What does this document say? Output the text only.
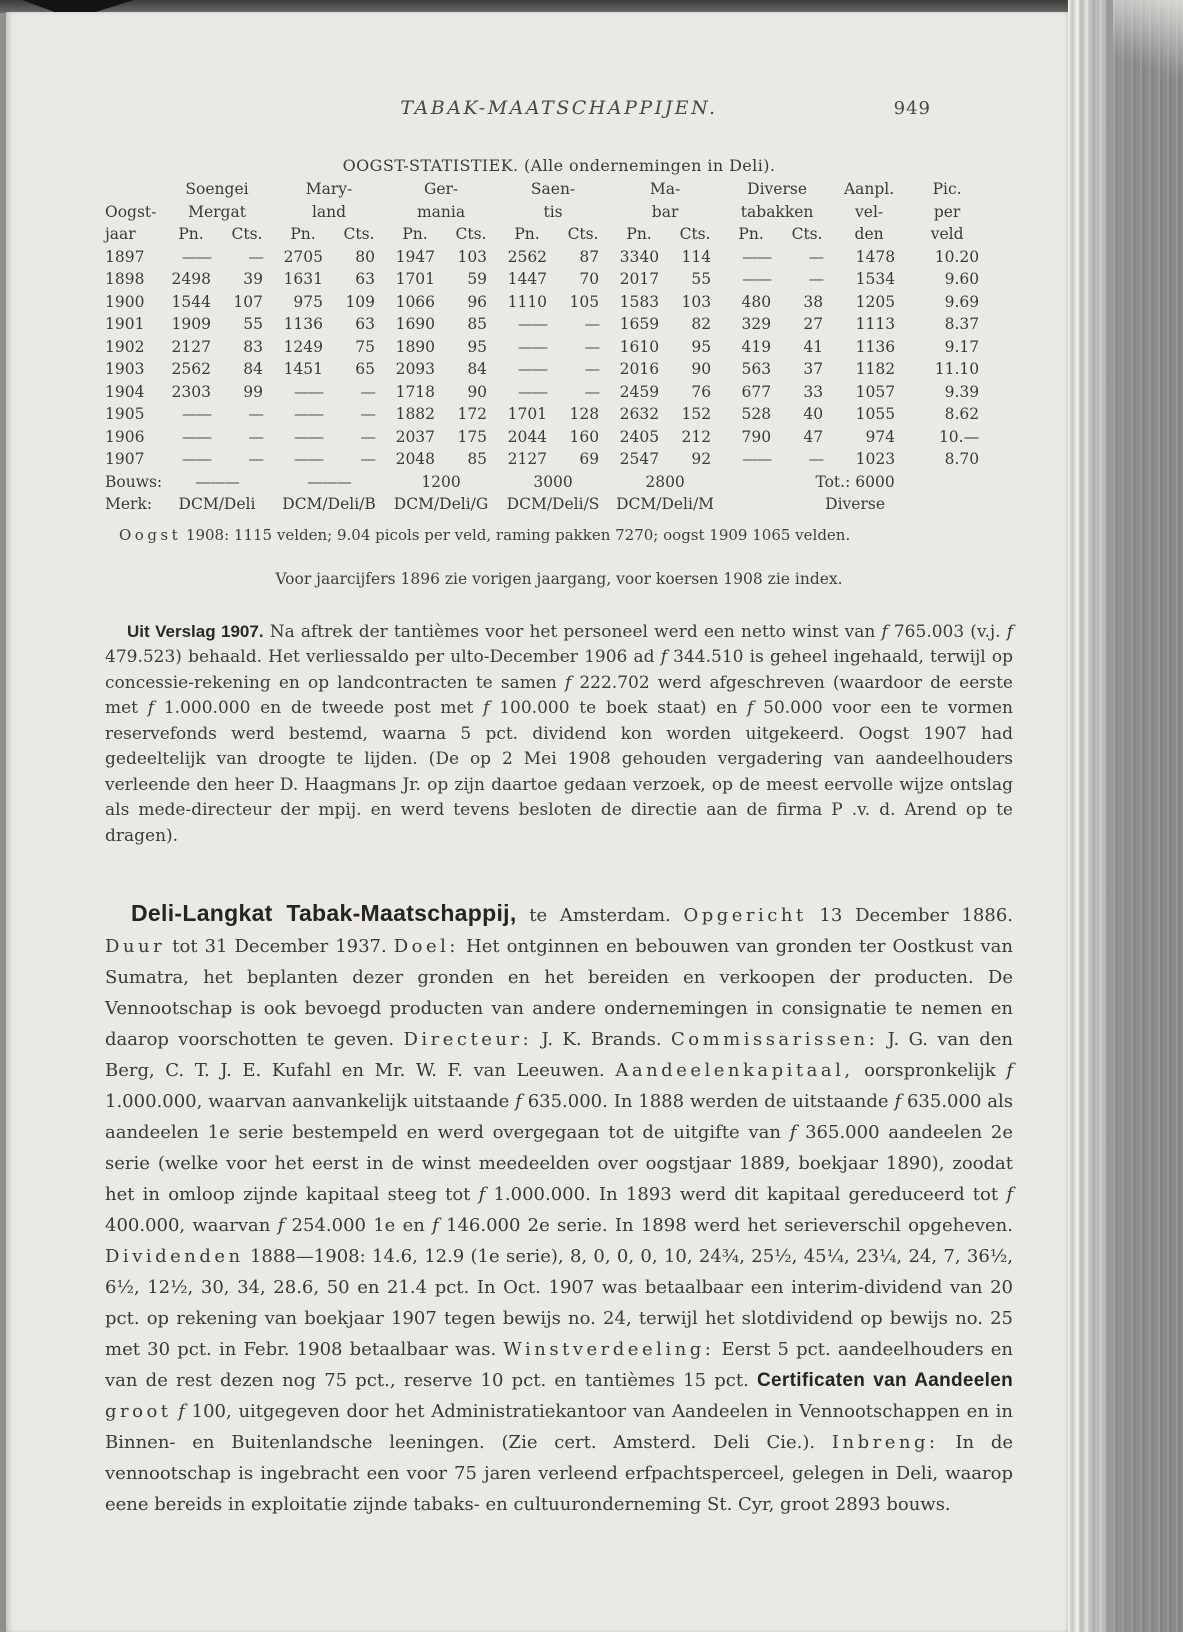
TABAK-MAATSCHAPPIJEN.	949
OOGST-STATISTIEK. (Alle ondernemingen in Deli).
	Soengei		Mary-		Ger-		Saen-		Ma-		Diverse		Aanpl.	Pic.
Oogst-	Mergat		land		mania		tis		bar		tabakken		vel-	per
jaar	Pn.	Cts.	Pn.	Cts.	Pn.	Cts.	Pn.	Cts.	Pn.	Cts.	Pn.	Cts.	den	veld
1897	——	—	2705	80	1947	103	2562	87	3340	114	——	—	1478	10.20
1898	2498	39	1631	63	1701	59	1447	70	2017	55	——	—	1534	9.60
1900	1544	107	975	109	1066	96	1110	105	1583	103	480	38	1205	9.69
1901	1909	55	1136	63	1690	85	——	—	1659	82	329	27	1113	8.37
1902	2127	83	1249	75	1890	95	——	—	1610	95	419	41	1136	9.17
1903	2562	84	1451	65	2093	84	——	—	2016	90	563	37	1182	11.10
1904	2303	99	——	—	1718	90	——	—	2459	76	677	33	1057	9.39
1905	——	—	——	—	1882	172	1701	128	2632	152	528	40	1055	8.62
1906	——	—	——	—	2037	175	2044	160	2405	212	790	47	974	10.—
1907	——	—	——	—	2048	85	2127	69	2547	92	——	—	1023	8.70
Bouws:	———		———		1200		3000		2800		Tot.: 6000			
Merk:	DCM/Deli		DCM/Deli/B		DCM/Deli/G		DCM/Deli/S		DCM/Deli/M		Diverse			

Oogst 1908: 1115 velden; 9.04 picols per veld, raming pakken 7270; oogst 1909 1065 velden.

Voor jaarcijfers 1896 zie vorigen jaargang, voor koersen 1908 zie index.

Uit Verslag 1907. Na aftrek der tantièmes voor het personeel werd een netto winst van f 765.003 (v.j. f 479.523) behaald. Het verliessaldo per ulto-December 1906 ad f 344.510 is geheel ingehaald, terwijl op concessie-rekening en op landcontracten te samen f 222.702 werd afgeschreven (waardoor de eerste met f 1.000.000 en de tweede post met f 100.000 te boek staat) en f 50.000 voor een te vormen reservefonds werd bestemd, waarna 5 pct. dividend kon worden uitgekeerd. Oogst 1907 had gedeeltelijk van droogte te lijden. (De op 2 Mei 1908 gehouden vergadering van aandeelhouders verleende den heer D. Haagmans Jr. op zijn daartoe gedaan verzoek, op de meest eervolle wijze ontslag als mede-directeur der mpij. en werd tevens besloten de directie aan de firma P .v. d. Arend op te dragen).

Deli-Langkat Tabak-Maatschappij, te Amsterdam. Opgericht 13 December 1886. Duur tot 31 December 1937. Doel: Het ontginnen en bebouwen van gronden ter Oostkust van Sumatra, het beplanten dezer gronden en het bereiden en verkoopen der producten. De Vennootschap is ook bevoegd producten van andere ondernemingen in consignatie te nemen en daarop voorschotten te geven. Directeur: J. K. Brands. Commissarissen: J. G. van den Berg, C. T. J. E. Kufahl en Mr. W. F. van Leeuwen. Aandeelenkapitaal, oorspronkelijk f 1.000.000, waarvan aanvankelijk uitstaande f 635.000. In 1888 werden de uitstaande f 635.000 als aandeelen 1e serie bestempeld en werd overgegaan tot de uitgifte van f 365.000 aandeelen 2e serie (welke voor het eerst in de winst meedeelden over oogstjaar 1889, boekjaar 1890), zoodat het in omloop zijnde kapitaal steeg tot f 1.000.000. In 1893 werd dit kapitaal gereduceerd tot f 400.000, waarvan f 254.000 1e en f 146.000 2e serie. In 1898 werd het serieverschil opgeheven. Dividenden 1888—1908: 14.6, 12.9 (1e serie), 8, 0, 0, 0, 10, 24¾, 25½, 45¼, 23¼, 24, 7, 36½, 6½, 12½, 30, 34, 28.6, 50 en 21.4 pct. In Oct. 1907 was betaalbaar een interim-dividend van 20 pct. op rekening van boekjaar 1907 tegen bewijs no. 24, terwijl het slotdividend op bewijs no. 25 met 30 pct. in Febr. 1908 betaalbaar was. Winstverdeeling: Eerst 5 pct. aandeelhouders en van de rest dezen nog 75 pct., reserve 10 pct. en tantièmes 15 pct. Certificaten van Aandeelen groot f 100, uitgegeven door het Administratiekantoor van Aandeelen in Vennootschappen en in Binnen- en Buitenlandsche leeningen. (Zie cert. Amsterd. Deli Cie.). Inbreng: In de vennootschap is ingebracht een voor 75 jaren verleend erfpachtsperceel, gelegen in Deli, waarop eene bereids in exploitatie zijnde tabaks- en cultuuronderneming St. Cyr, groot 2893 bouws.
